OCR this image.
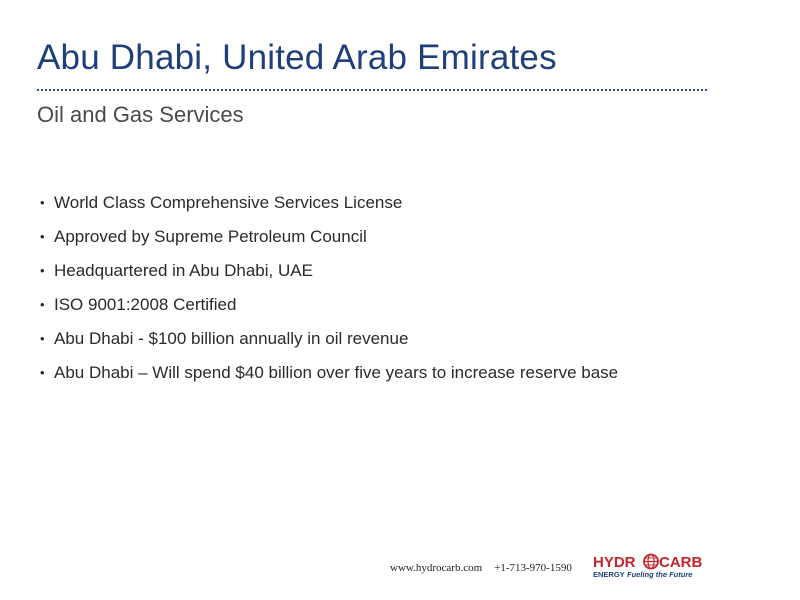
Abu Dhabi, United Arab Emirates
Oil and Gas Services
• World Class Comprehensive Services License
• Approved by Supreme Petroleum Council
• Headquartered in Abu Dhabi, UAE
• ISO 9001:2008 Certified
• Abu Dhabi - $100 billion annually in oil revenue
• Abu Dhabi – Will spend $40 billion over five years to increase reserve base
www.hydrocarb.com +1-713-970-1590 HYDR CARB
ENERGY Fueling the Future
